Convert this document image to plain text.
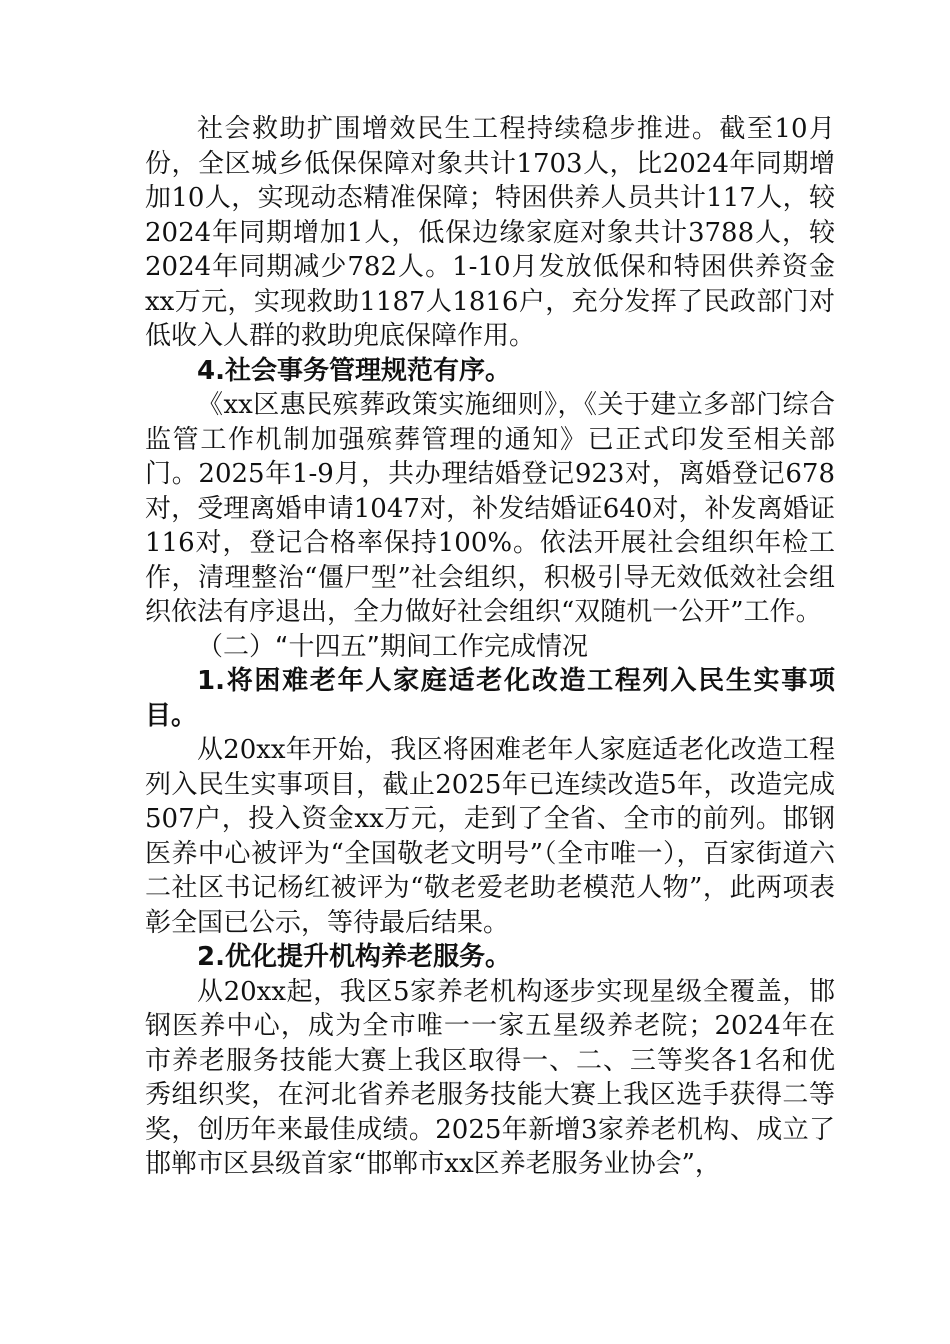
社会救助扩围增效民生工程持续稳步推进。截至10月份，全区城乡低保保障对象共计1703人，比2024年同期增加10人，实现动态精准保障；特困供养人员共计117人，较2024年同期增加1人，低保边缘家庭对象共计3788人，较2024年同期减少782人。1-10月发放低保和特困供养资金xx万元，实现救助1187人1816户，充分发挥了民政部门对低收入人群的救助兜底保障作用。

4.社会事务管理规范有序。

《xx区惠民殡葬政策实施细则》，《关于建立多部门综合监管工作机制加强殡葬管理的通知》已正式印发至相关部门。2025年1-9月，共办理结婚登记923对，离婚登记678对，受理离婚申请1047对，补发结婚证640对，补发离婚证116对，登记合格率保持100%。依法开展社会组织年检工作，清理整治“僵尸型”社会组织，积极引导无效低效社会组织依法有序退出，全力做好社会组织“双随机一公开”工作。

（二）“十四五”期间工作完成情况

1.将困难老年人家庭适老化改造工程列入民生实事项目。

从20xx年开始，我区将困难老年人家庭适老化改造工程列入民生实事项目，截止2025年已连续改造5年，改造完成507户，投入资金xx万元，走到了全省、全市的前列。邯钢医养中心被评为“全国敬老文明号”（全市唯一），百家街道六二社区书记杨红被评为“敬老爱老助老模范人物”，此两项表彰全国已公示，等待最后结果。

2.优化提升机构养老服务。

从20xx起，我区5家养老机构逐步实现星级全覆盖，邯钢医养中心，成为全市唯一一家五星级养老院；2024年在市养老服务技能大赛上我区取得一、二、三等奖各1名和优秀组织奖，在河北省养老服务技能大赛上我区选手获得二等奖，创历年来最佳成绩。2025年新增3家养老机构、成立了邯郸市区县级首家“邯郸市xx区养老服务业协会”，
